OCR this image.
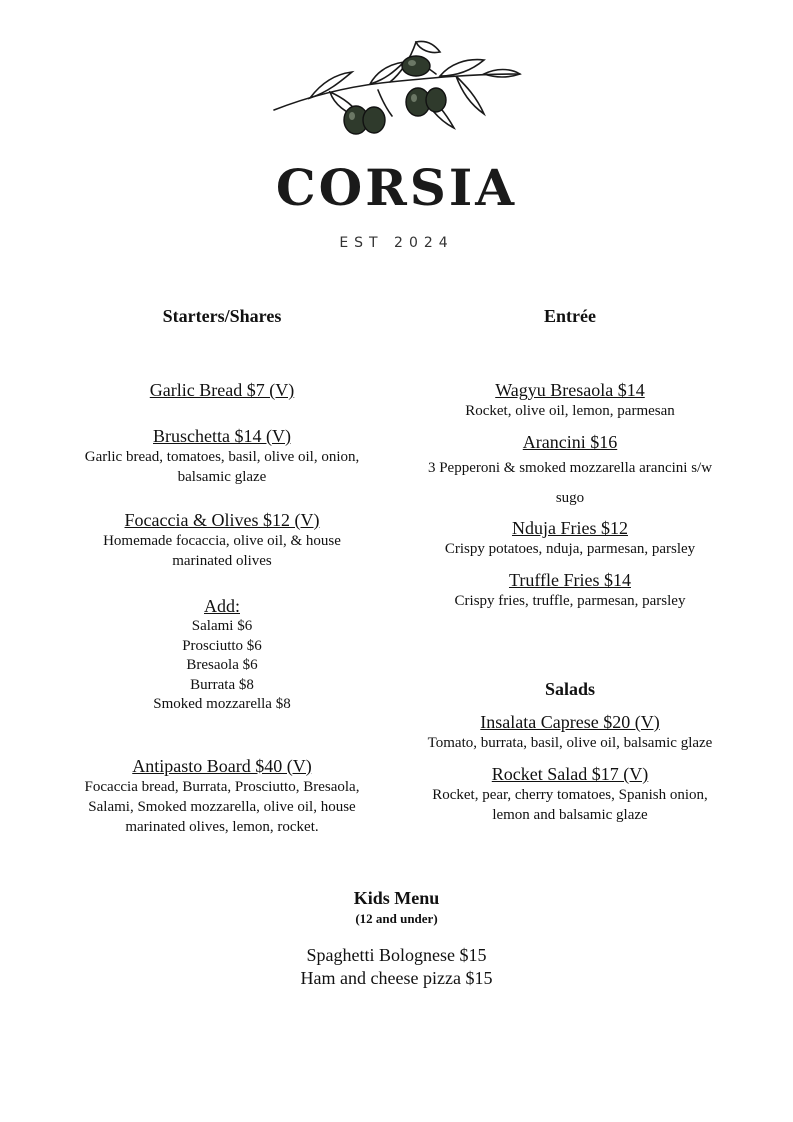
CORSIA
EST 2024

Starters/Shares

Garlic Bread $7 (V)

Bruschetta $14 (V)

Garlic bread, tomatoes, basil, olive oil, onion,

balsamic glaze

Focaccia & Olives $12 (V)

Homemade focaccia, olive oil, & house

marinated olives

Add:

Salami $6
Prosciutto $6
Bresaola $6
Burrata $8
Smoked mozzarella $8

Antipasto Board $40 (V)

Focaccia bread, Burrata, Prosciutto, Bresaola,

Salami, Smoked mozzarella, olive oil, house

marinated olives, lemon, rocket.

Entrée

Wagyu Bresaola $14

Rocket, olive oil, lemon, parmesan

Arancini $16

3 Pepperoni & smoked mozzarella arancini s/w

sugo

Nduja Fries $12

Crispy potatoes, nduja, parmesan, parsley

Truffle Fries $14

Crispy fries, truffle, parmesan, parsley

Salads

Insalata Caprese $20 (V)

Tomato, burrata, basil, olive oil, balsamic glaze

Rocket Salad $17 (V)

Rocket, pear, cherry tomatoes, Spanish onion,

lemon and balsamic glaze

Kids Menu

(12 and under)

Spaghetti Bolognese $15

Ham and cheese pizza $15
